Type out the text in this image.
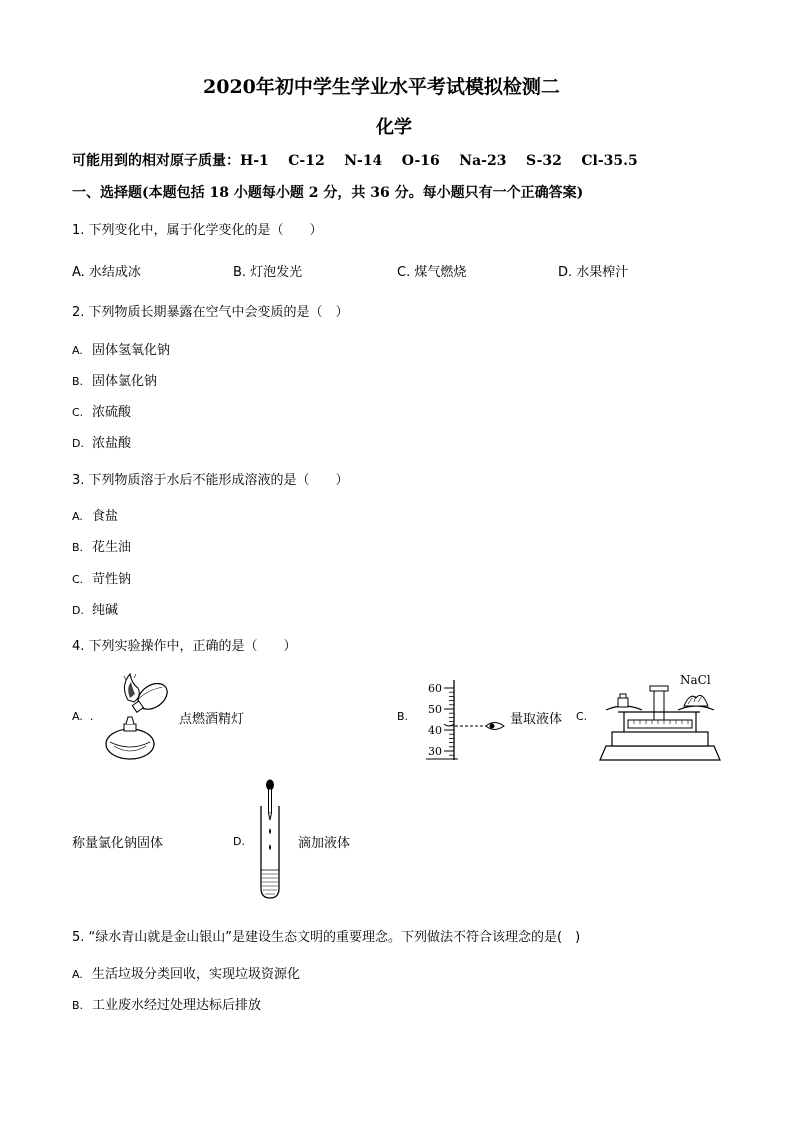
2020年初中学生学业水平考试模拟检测二
化学
可能用到的相对原子质量：H-1    C-12    N-14    O-16    Na-23    S-32    Cl-35.5
一、选择题(本题包括 18 小题每小题 2 分，共 36 分。每小题只有一个正确答案)
1. 下列变化中，属于化学变化的是（　　）
A. 水结成冰	B. 灯泡发光	C. 煤气燃烧	D. 水果榨汁
2. 下列物质长期暴露在空气中会变质的是（　）
A. 固体氢氧化钠
B. 固体氯化钠
C. 浓硫酸
D. 浓盐酸
3. 下列物质溶于水后不能形成溶液的是（　　）
A. 食盐
B. 花生油
C. 苛性钠
D. 纯碱
4. 下列实验操作中，正确的是（　　）
A.  .	点燃酒精灯	B.
60
50
40
30
量取液体 C.
NaCl
称量氯化钠固体	D.	滴加液体
5. “绿水青山就是金山银山”是建设生态文明的重要理念。下列做法不符合该理念的是(　)
A. 生活垃圾分类回收，实现垃圾资源化
B. 工业废水经过处理达标后排放
